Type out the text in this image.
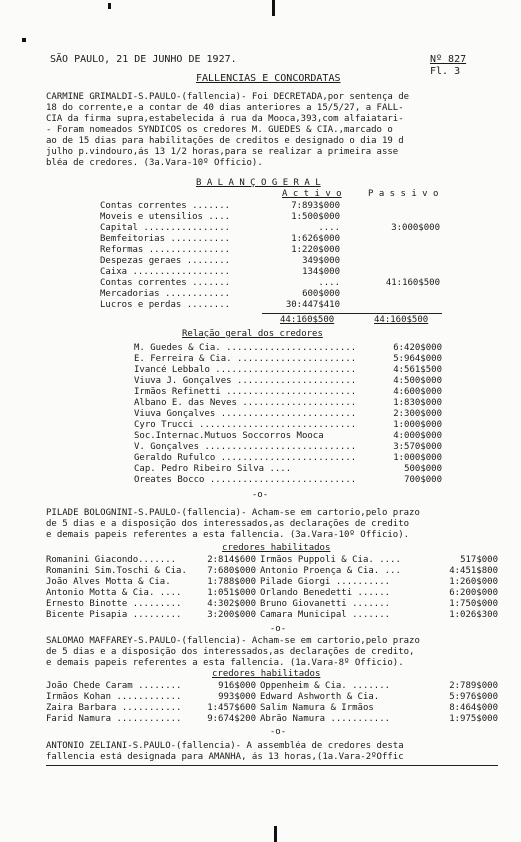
SÃO PAULO, 21 DE JUNHO DE 1927.	Nº 827
Fl. 3
FALLENCIAS E CONCORDATAS
CARMINE GRIMALDI-S.PAULO-(fallencia)- Foi DECRETADA,por sentença de
18 do corrente,e a contar de 40 dias anteriores a 15/5/27, a FALL-
CIA da firma supra,estabelecida á rua da Mooca,393,com alfaiatari-
- Foram nomeados SYNDICOS os credores M. GUEDES & CIA.,marcado o
ao de 15 dias para habilitações de creditos e designado o dia 19 d
julho p.vindouro,ás 13 1/2 horas,para se realizar a primeira asse
bléa de credores. (3a.Vara-10º Officio).
B A L A N Ç O G E R A L
A c t i v o	P a s s i v o
Contas correntes .......	7:893$000
Moveis e utensilios ....	1:500$000
Capital ................	....	3:000$000
Bemfeitorias ...........	1:626$000
Reformas ...............	1:220$000
Despezas geraes ........	349$000
Caixa ..................	134$000
Contas correntes .......	....	41:160$500
Mercadorias ............	600$000
Lucros e perdas ........	30:447$410
44:160$500	44:160$500
Relação geral dos credores
M. Guedes & Cia. ........................	6:420$000
E. Ferreira & Cia. ......................	5:964$000
Ivancé Lebbalo ..........................	4:561$500
Viuva J. Gonçalves ......................	4:500$000
Irmãos Refinetti ........................	4:600$000
Albano E. das Neves .....................	1:830$000
Viuva Gonçalves .........................	2:300$000
Cyro Trucci .............................	1:000$000
Soc.Internac.Mutuos Soccorros Mooca	4:000$000
V. Gonçalves ............................	3:570$000
Geraldo Rufulco .........................	1:000$000
Cap. Pedro Ribeiro Silva ....	500$000
Oreates Bocco ...........................	700$000
-o-
PILADE BOLOGNINI-S.PAULO-(fallencia)- Acham-se em cartorio,pelo prazo
de 5 dias e a disposição dos interessados,as declarações de credito
e demais papeis referentes a esta fallencia. (3a.Vara-10º Officio).
credores habilitados
Romanini Giacondo.......	2:814$600 Irmãos Puppoli & Cia. ....	517$000
Romanini Sim.Toschi & Cia.	7:680$000 Antonio Proença & Cia. ...	4:451$800
João Alves Motta & Cia.	1:788$000 Pilade Giorgi ..........	1:260$000
Antonio Motta & Cia. ....	1:051$000 Orlando Benedetti ......	6:200$000
Ernesto Binotte .........	4:302$000 Bruno Giovanetti .......	1:750$000
Bicente Pisapia .........	3:200$000 Camara Municipal .......	1:026$300
-o-
SALOMÃO MAFFAREY-S.PAULO-(fallencia)- Acham-se em cartorio,pelo prazo
de 5 dias e a disposição dos interessados,as declarações de credito,
e demais papeis referentes a esta fallencia. (1a.Vara-8º Officio).
credores habilitados
João Chede Caram ........	916$000 Oppenheim & Cia. .......	2:789$000
Irmãos Kohan ............	993$000 Edward Ashworth & Cia.	5:976$000
Zaira Barbara ...........	1:457$600 Salim Namura & Irmãos	8:464$000
Farid Namura ............	9:674$200 Abrão Namura ...........	1:975$000
-o-
ANTONIO ZELIANI-S.PAULO-(fallencia)- A assembléa de credores desta
fallencia está designada para AMANHÃ, ás 13 horas,(1a.Vara-2ºOffic
